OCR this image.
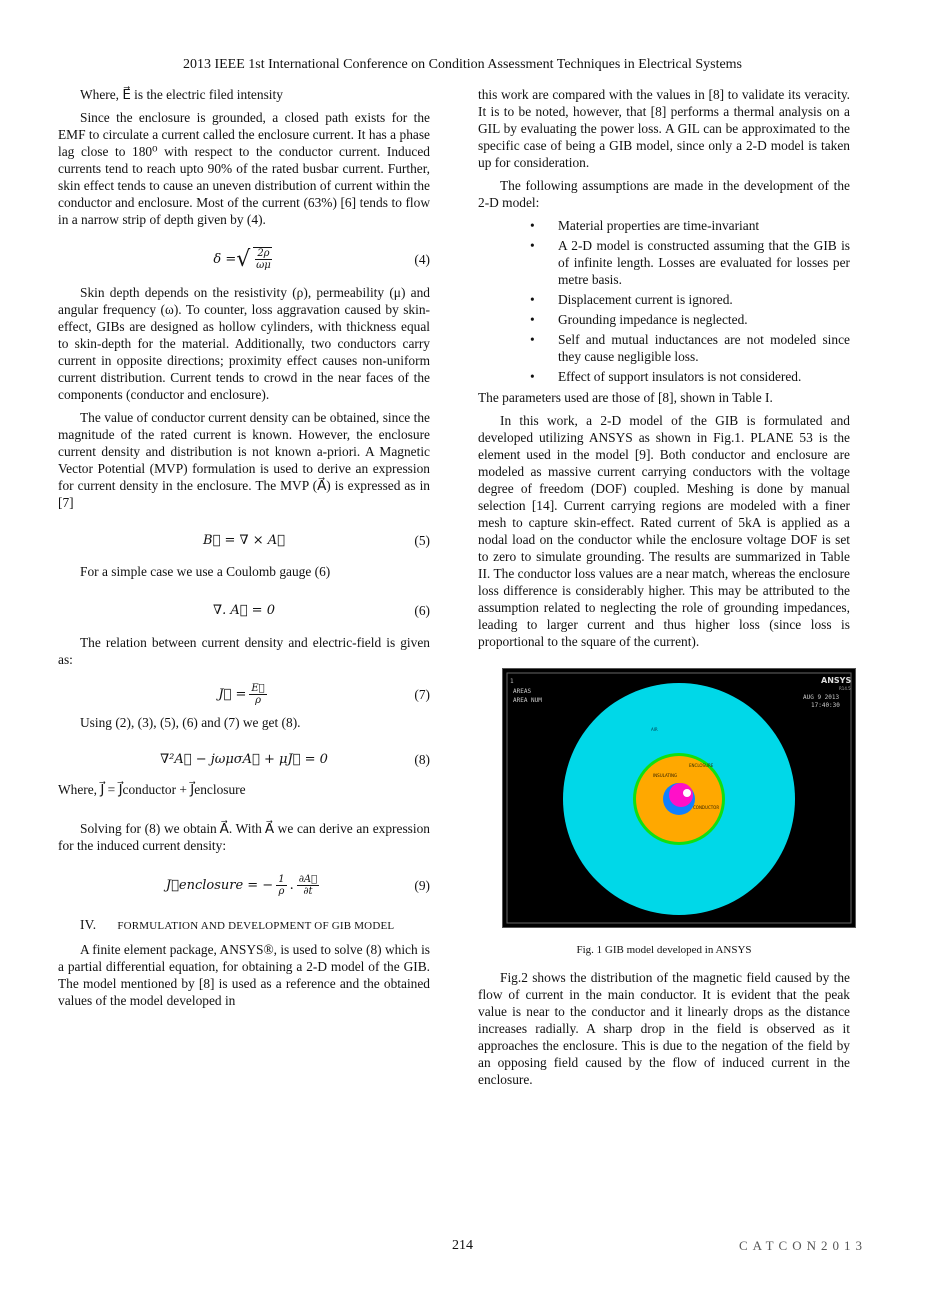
2013 IEEE 1st International Conference on Condition Assessment Techniques in Electrical Systems

Where, E⃗ is the electric filed intensity

Since the enclosure is grounded, a closed path exists for the EMF to circulate a current called the enclosure current. It has a phase lag close to 180⁰ with respect to the conductor current. Induced currents tend to reach upto 90% of the rated busbar current. Further, skin effect tends to cause an uneven distribution of current within the conductor and enclosure. Most of the current (63%) [6] tends to flow in a narrow strip of depth given by (4).

δ = √ $\frac{2\rho}{\omega\mu}$	(4)

Skin depth depends on the resistivity (ρ), permeability (μ) and angular frequency (ω). To counter, loss aggravation caused by skin-effect, GIBs are designed as hollow cylinders, with thickness equal to skin-depth for the material. Additionally, two conductors carry current in opposite directions; proximity effect causes non-uniform current distribution. Current tends to crowd in the near faces of the components (conductor and enclosure).

The value of conductor current density can be obtained, since the magnitude of the rated current is known. However, the enclosure current density and distribution is not known a-priori. A Magnetic Vector Potential (MVP) formulation is used to derive an expression for current density in the enclosure. The MVP (A⃗) is expressed as in [7]

B⃗ = ∇ × A⃗	(5)

For a simple case we use a Coulomb gauge (6)

∇. A⃗ = 0	(6)

The relation between current density and electric-field is given as:

J⃗ = $\frac{E⃗}{\rho}$	(7)

Using (2), (3), (5), (6) and (7) we get (8).

∇²A⃗ − jωμσA⃗ + μJ⃗ = 0	(8)

Where, J⃗ = J⃗conductor + J⃗enclosure

Solving for (8) we obtain A⃗. With A⃗ we can derive an expression for the induced current density:

J⃗enclosure = − $\frac{1}{\rho}$ . $\frac{\partial A⃗}{\partial t}$	(9)
IV. FORMULATION AND DEVELOPMENT OF GIB MODEL

A finite element package, ANSYS®, is used to solve (8) which is a partial differential equation, for obtaining a 2-D model of the GIB. The model mentioned by [8] is used as a reference and the obtained values of the model developed in

this work are compared with the values in [8] to validate its veracity. It is to be noted, however, that [8] performs a thermal analysis on a GIL by evaluating the power loss. A GIL can be approximated to the specific case of being a GIB model, since only a 2-D model is taken up for consideration.

The following assumptions are made in the development of the 2-D model:

• Material properties are time-invariant
• A 2-D model is constructed assuming that the GIB is of infinite length. Losses are evaluated for losses per metre basis.
• Displacement current is ignored.
• Grounding impedance is neglected.
• Self and mutual inductances are not modeled since they cause negligible loss.
• Effect of support insulators is not considered.

The parameters used are those of [8], shown in Table I.

In this work, a 2-D model of the GIB is formulated and developed utilizing ANSYS as shown in Fig.1. PLANE 53 is the element used in the model [9]. Both conductor and enclosure are modeled as massive current carrying conductors with the voltage degree of freedom (DOF) coupled. Meshing is done by manual selection [14]. Current carrying regions are modeled with a finer mesh to capture skin-effect. Rated current of 5kA is applied as a nodal load on the conductor while the enclosure voltage DOF is set to zero to simulate grounding. The results are summarized in Table II. The conductor loss values are a near match, whereas the enclosure loss difference is considerably higher. This may be attributed to the assumption related to neglecting the role of grounding impedances, leading to larger current and thus higher loss (since loss is proportional to the square of the current).

1
AREAS
AREA NUM
ANSYS
R14.5
AUG 9 2013
17:40:30
AIR
ENCLOSURE
INSULATING
CONDUCTOR
Fig. 1 GIB model developed in ANSYS

Fig.2 shows the distribution of the magnetic field caused by the flow of current in the main conductor. It is evident that the peak value is near to the conductor and it linearly drops as the distance increases radially. A sharp drop in the field is observed as it approaches the enclosure. This is due to the negation of the field by an opposing field caused by the flow of induced current in the enclosure.

214	CATCON2013
